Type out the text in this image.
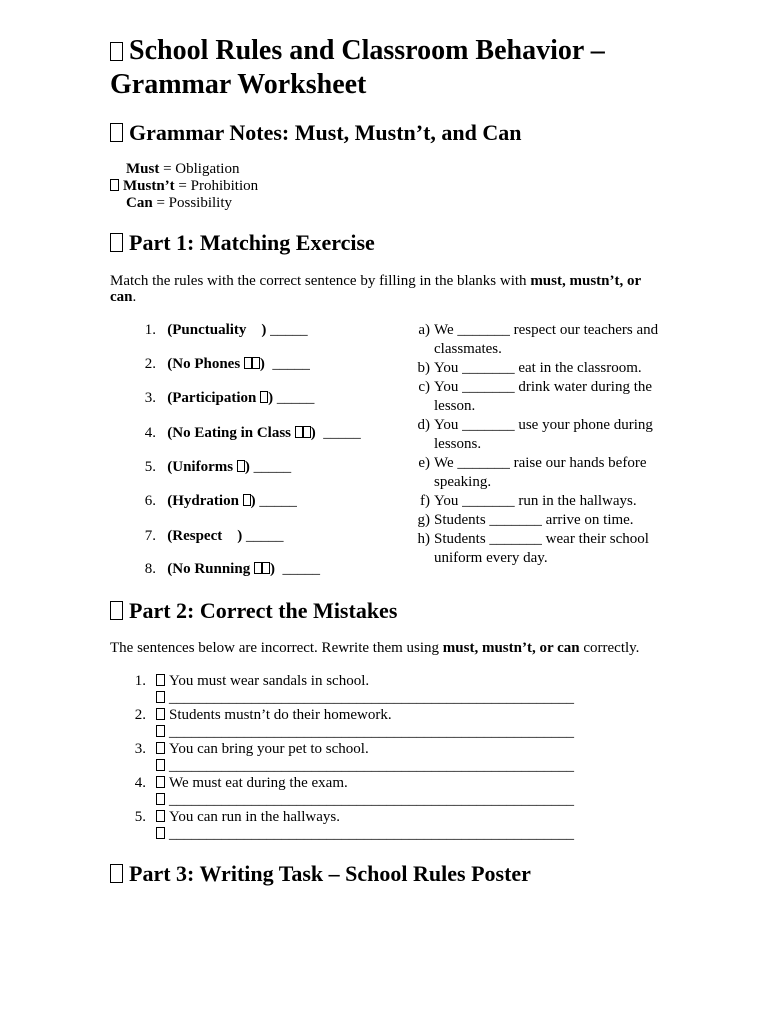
School Rules and Classroom Behavior – Grammar Worksheet
Grammar Notes: Must, Mustn’t, and Can
Must = Obligation
Mustn’t = Prohibition
Can = Possibility
Part 1: Matching Exercise
Match the rules with the correct sentence by filling in the blanks with must, mustn’t, or can.
1. (Punctuality ) _____
2. (No Phones ) _____
3. (Participation ) _____
4. (No Eating in Class ) _____
5. (Uniforms ) _____
6. (Hydration ) _____
7. (Respect ) _____
8. (No Running ) _____
a) We _______ respect our teachers and classmates.
b) You _______ eat in the classroom.
c) You _______ drink water during the lesson.
d) You _______ use your phone during lessons.
e) We _______ raise our hands before speaking.
f) You _______ run in the hallways.
g) Students _______ arrive on time.
h) Students _______ wear their school uniform every day.
Part 2: Correct the Mistakes
The sentences below are incorrect. Rewrite them using must, mustn’t, or can correctly.
1.	You must wear sandals in school.
______________________________________________________
2.	Students mustn’t do their homework.
______________________________________________________
3.	You can bring your pet to school.
______________________________________________________
4.	We must eat during the exam.
______________________________________________________
5.	You can run in the hallways.
______________________________________________________
Part 3: Writing Task – School Rules Poster
